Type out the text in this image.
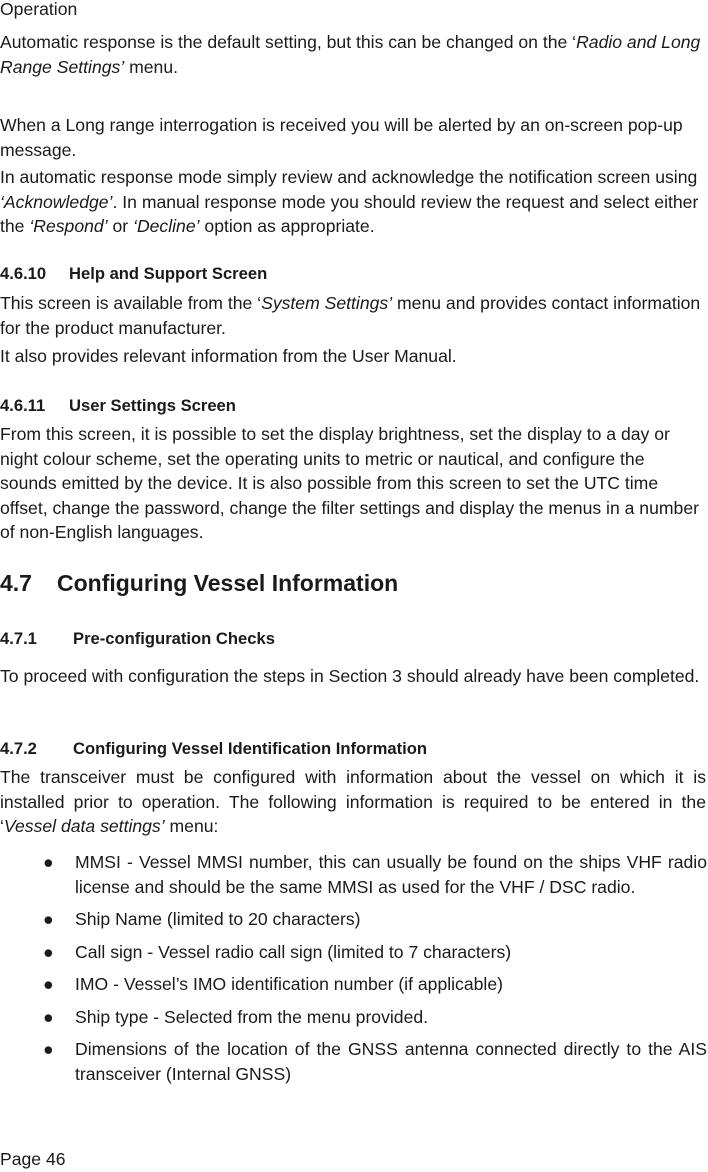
Operation

Automatic response is the default setting, but this can be changed on the ‘Radio and Long Range Settings’ menu.

When a Long range interrogation is received you will be alerted by an on-screen pop-up message.

In automatic response mode simply review and acknowledge the notification screen using ‘Acknowledge’. In manual response mode you should review the request and select either the ‘Respond’ or ‘Decline’ option as appropriate.

4.6.10 Help and Support Screen

This screen is available from the ‘System Settings’ menu and provides contact information for the product manufacturer.

It also provides relevant information from the User Manual.

4.6.11 User Settings Screen

From this screen, it is possible to set the display brightness, set the display to a day or night colour scheme, set the operating units to metric or nautical, and configure the sounds emitted by the device. It is also possible from this screen to set the UTC time offset, change the password, change the filter settings and display the menus in a number of non-English languages.

4.7 Configuring Vessel Information
4.7.1 Pre-configuration Checks

To proceed with configuration the steps in Section 3 should already have been completed.

4.7.2 Configuring Vessel Identification Information

The transceiver must be configured with information about the vessel on which it is installed prior to operation. The following information is required to be entered in the ‘Vessel data settings’ menu:

● MMSI - Vessel MMSI number, this can usually be found on the ships VHF radio license and should be the same MMSI as used for the VHF / DSC radio.
● Ship Name (limited to 20 characters)
● Call sign - Vessel radio call sign (limited to 7 characters)
● IMO - Vessel’s IMO identification number (if applicable)
● Ship type - Selected from the menu provided.
● Dimensions of the location of the GNSS antenna connected directly to the AIS transceiver (Internal GNSS)
Page 46
